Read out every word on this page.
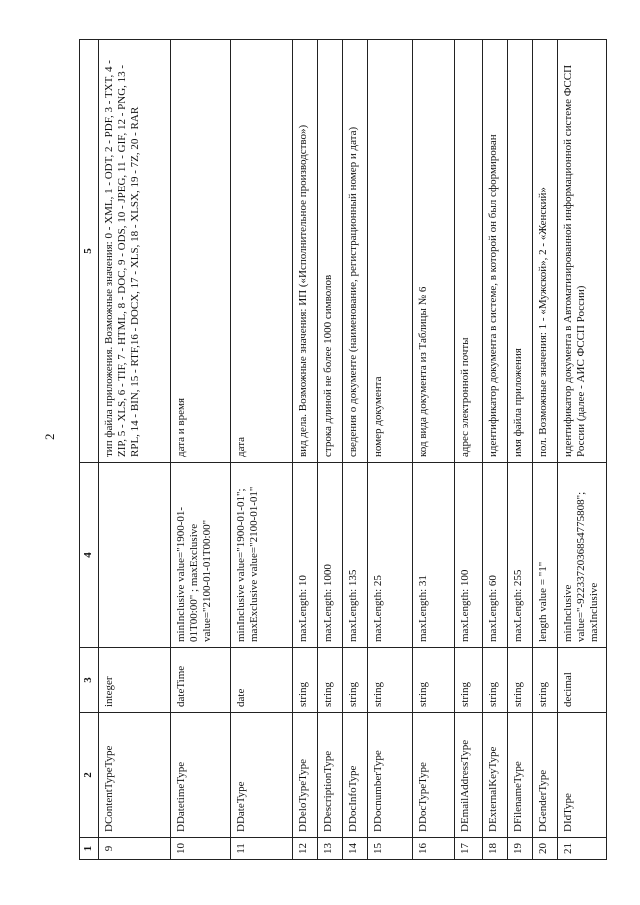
2
1	2	3	4	5
9	DContentTypeType	integer		тип файла приложения. Возможные значения: 0 - XML, 1 - ODT, 2 - PDF, 3 - TXT, 4 - ZIP, 5 - XLS, 6 - TIF, 7 - HTML, 8 - DOC, 9 - ODS, 10 - JPEG, 11 - GIF, 12 - PNG, 13 - RPL, 14 - BIN, 15 - RTF,16 - DOCX, 17 - XLS, 18 - XLSX, 19 - 7Z, 20 - RAR
10	DDatetimeType	dateTime	minInclusive value="1900-01-01T00:00" ; maxExclusive value="2100-01-01T00:00"	дата и время
11	DDateType	date	minInclusive value="1900-01-01"; maxExclusive value="2100-01-01"	дата
12	DDeloTypeType	string	maxLength: 10	вид дела. Возможные значения: ИП («Исполнительное производство»)
13	DDescriptionType	string	maxLength: 1000	строка длиной не более 1000 символов
14	DDocInfoType	string	maxLength: 135	сведения о документе (наименование, регистрационный номер и дата)
15	DDocnumberType	string	maxLength: 25	номер документа
16	DDocTypeType	string	maxLength: 31	код вида документа из Таблицы № 6
17	DEmailAddressType	string	maxLength: 100	адрес электронной почты
18	DExternalKeyType	string	maxLength: 60	идентификатор документа в системе, в которой он был сформирован
19	DFilenameType	string	maxLength: 255	имя файла приложения
20	DGenderType	string	length value = "1"	пол. Возможные значения: 1 - «Мужской», 2 - «Женский»
21	DIdType	decimal	minInclusive value="-9223372036854775808"; maxInclusive	идентификатор документа в Автоматизированной информационной системе ФССП России (далее - АИС ФССП России)
